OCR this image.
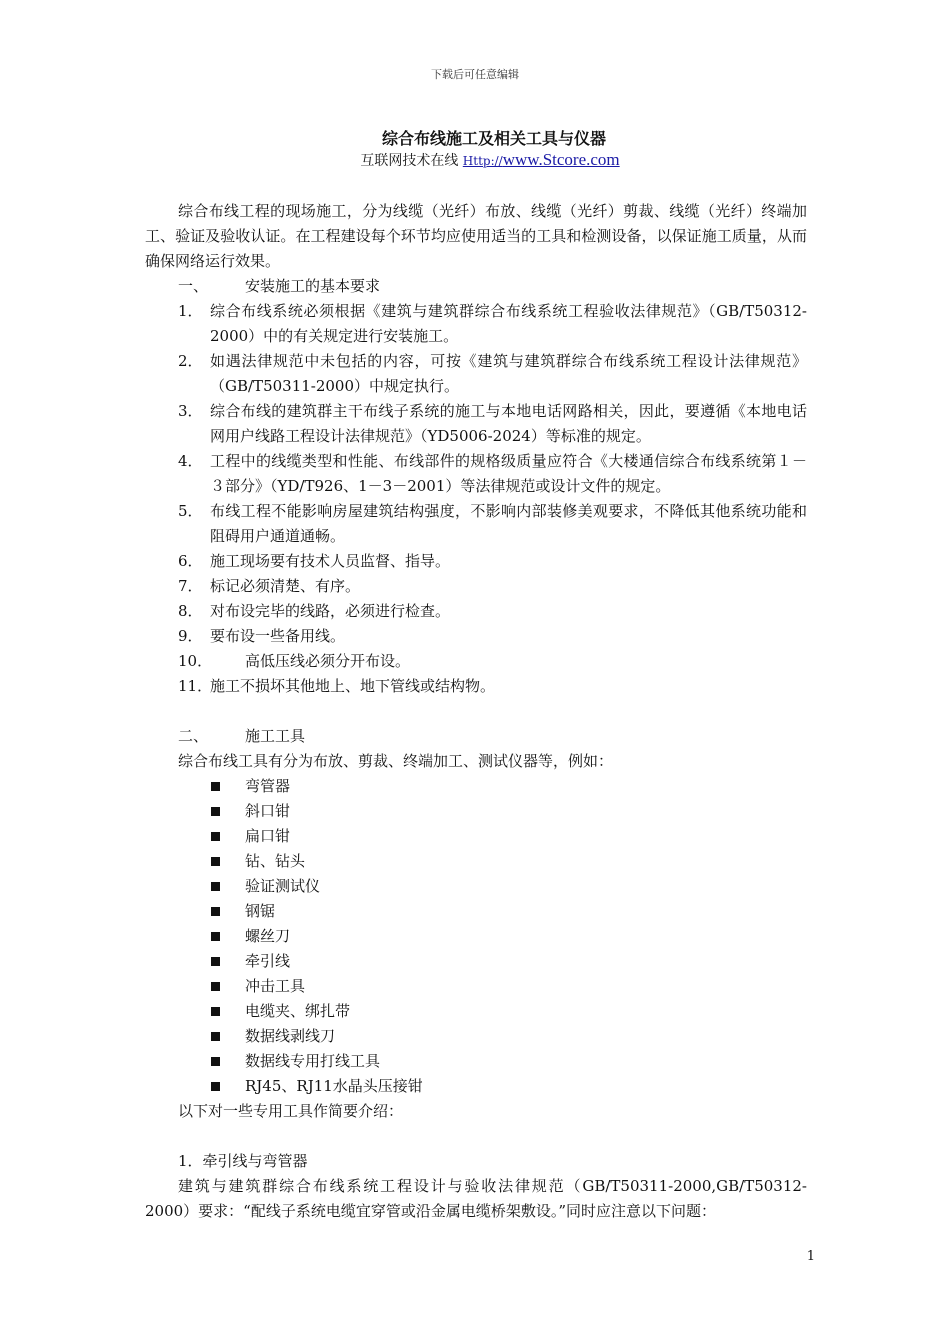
下载后可任意编辑
综合布线施工及相关工具与仪器
互联网技术在线 Http://www.Stcore.com

综合布线工程的现场施工，分为线缆（光纤）布放、线缆（光纤）剪裁、线缆（光纤）终端加工、验证及验收认证。在工程建设每个环节均应使用适当的工具和检测设备，以保证施工质量，从而确保网络运行效果。

一、	安装施工的基本要求
1． 综合布线系统必须根据《建筑与建筑群综合布线系统工程验收法律规范》（GB/T50312-2000）中的有关规定进行安装施工。
2． 如遇法律规范中未包括的内容，可按《建筑与建筑群综合布线系统工程设计法律规范》（GB/T50311-2000）中规定执行。
3． 综合布线的建筑群主干布线子系统的施工与本地电话网路相关，因此，要遵循《本地电话网用户线路工程设计法律规范》（YD5006-2024）等标准的规定。
4． 工程中的线缆类型和性能、布线部件的规格级质量应符合《大楼通信综合布线系统第１－３部分》（YD/T926、1－3－2001）等法律规范或设计文件的规定。
5． 布线工程不能影响房屋建筑结构强度，不影响内部装修美观要求，不降低其他系统功能和阻碍用户通道通畅。
6． 施工现场要有技术人员监督、指导。
7． 标记必须清楚、有序。
8． 对布设完毕的线路，必须进行检查。
9． 要布设一些备用线。
10．	高低压线必须分开布设。
11．
施工不损坏其他地上、地下管线或结构物。
二、	施工工具
综合布线工具有分为布放、剪裁、终端加工、测试仪器等，例如：
弯管器
斜口钳
扁口钳
钻、钻头
验证测试仪
钢锯
螺丝刀
牵引线
冲击工具
电缆夹、绑扎带
数据线剥线刀
数据线专用打线工具
RJ45、RJ11水晶头压接钳
以下对一些专用工具作简要介绍：
1．牵引线与弯管器

建筑与建筑群综合布线系统工程设计与验收法律规范（GB/T50311-2000,GB/T50312-2000）要求：“配线子系统电缆宜穿管或沿金属电缆桥架敷设。”同时应注意以下问题：

1
